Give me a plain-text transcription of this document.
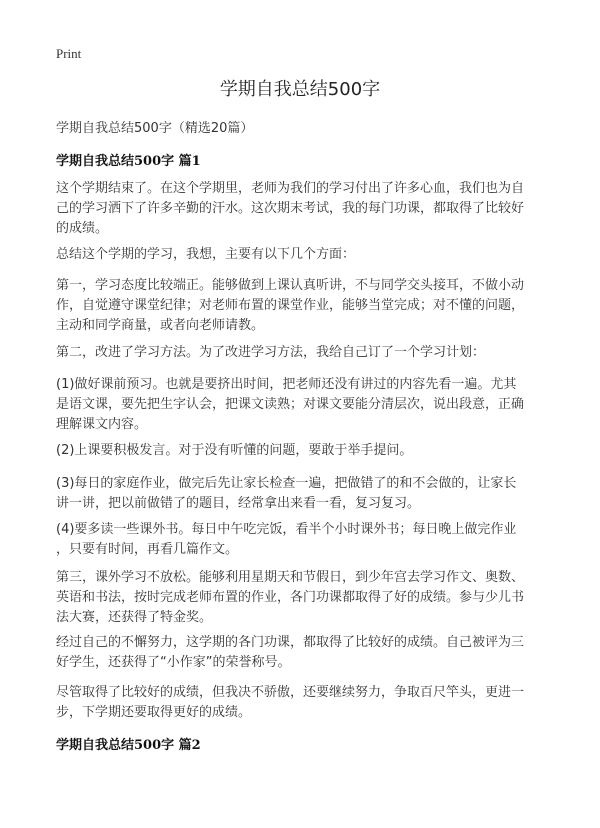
Print
学期自我总结500字
学期自我总结500字（精选20篇）
学期自我总结500字 篇1

这个学期结束了。在这个学期里，老师为我们的学习付出了许多心血，我们也为自
己的学习洒下了许多辛勤的汗水。这次期末考试，我的每门功课，都取得了比较好
的成绩。

总结这个学期的学习，我想，主要有以下几个方面：

第一，学习态度比较端正。能够做到上课认真听讲，不与同学交头接耳，不做小动
作，自觉遵守课堂纪律；对老师布置的课堂作业，能够当堂完成；对不懂的问题，
主动和同学商量，或者向老师请教。

第二，改进了学习方法。为了改进学习方法，我给自己订了一个学习计划：

(1)做好课前预习。也就是要挤出时间，把老师还没有讲过的内容先看一遍。尤其
是语文课，要先把生字认会，把课文读熟；对课文要能分清层次，说出段意，正确
理解课文内容。

(2)上课要积极发言。对于没有听懂的问题，要敢于举手提问。

(3)每日的家庭作业，做完后先让家长检查一遍，把做错了的和不会做的，让家长
讲一讲，把以前做错了的题目，经常拿出来看一看，复习复习。

(4)要多读一些课外书。每日中午吃完饭，看半个小时课外书；每日晚上做完作业
，只要有时间，再看几篇作文。

第三，课外学习不放松。能够利用星期天和节假日，到少年宫去学习作文、奥数、
英语和书法，按时完成老师布置的作业，各门功课都取得了好的成绩。参与少儿书
法大赛，还获得了特金奖。

经过自己的不懈努力，这学期的各门功课，都取得了比较好的成绩。自己被评为三
好学生，还获得了“小作家”的荣誉称号。

尽管取得了比较好的成绩，但我决不骄傲，还要继续努力，争取百尺竿头，更进一
步，下学期还要取得更好的成绩。

学期自我总结500字 篇2
